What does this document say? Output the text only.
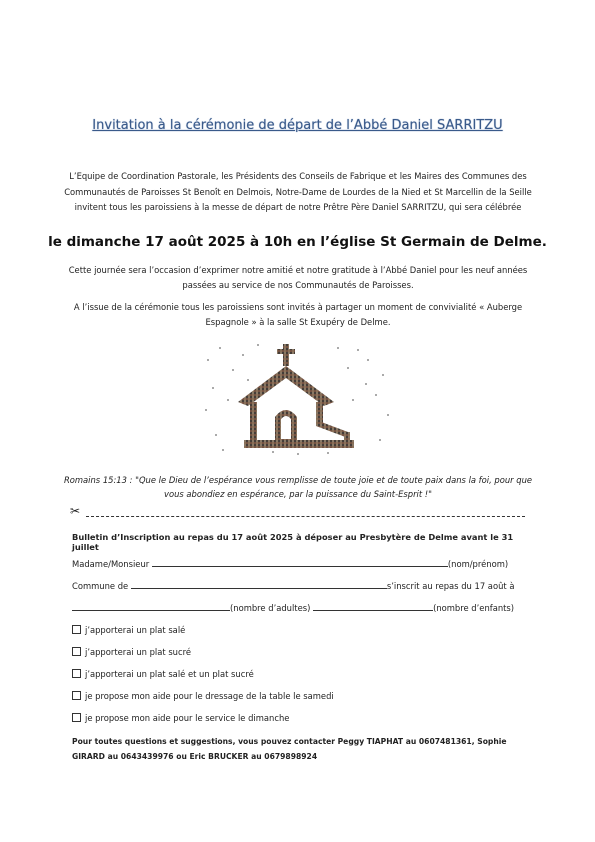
Invitation à la cérémonie de départ de l’Abbé Daniel SARRITZU
L’Equipe de Coordination Pastorale, les Présidents des Conseils de Fabrique et les Maires des Communes des Communautés de Paroisses St Benoît en Delmois, Notre-Dame de Lourdes de la Nied et St Marcellin de la Seille invitent tous les paroissiens à la messe de départ de notre Prêtre Père Daniel SARRITZU, qui sera célébrée
le dimanche 17 août 2025 à 10h en l’église St Germain de Delme.
Cette journée sera l’occasion d’exprimer notre amitié et notre gratitude à l’Abbé Daniel pour les neuf années passées au service de nos Communautés de Paroisses.
A l’issue de la cérémonie tous les paroissiens sont invités à partager un moment de convivialité « Auberge Espagnole » à la salle St Exupéry de Delme.
Romains 15:13 : "Que le Dieu de l’espérance vous remplisse de toute joie et de toute paix dans la foi, pour que vous abondiez en espérance, par la puissance du Saint-Esprit !"
✂
Bulletin d’Inscription au repas du 17 août 2025 à déposer au Presbytère de Delme avant le 31 juillet
Madame/Monsieur	(nom/prénom)
Commune de	s’inscrit au repas du 17 août à
(nombre d’adultes)	(nombre d’enfants)
j’apporterai un plat salé
j’apporterai un plat sucré
j’apporterai un plat salé et un plat sucré
je propose mon aide pour le dressage de la table le samedi
je propose mon aide pour le service le dimanche
Pour toutes questions et suggestions, vous pouvez contacter Peggy TIAPHAT au 0607481361, Sophie GIRARD au 0643439976 ou Eric BRUCKER au 0679898924
